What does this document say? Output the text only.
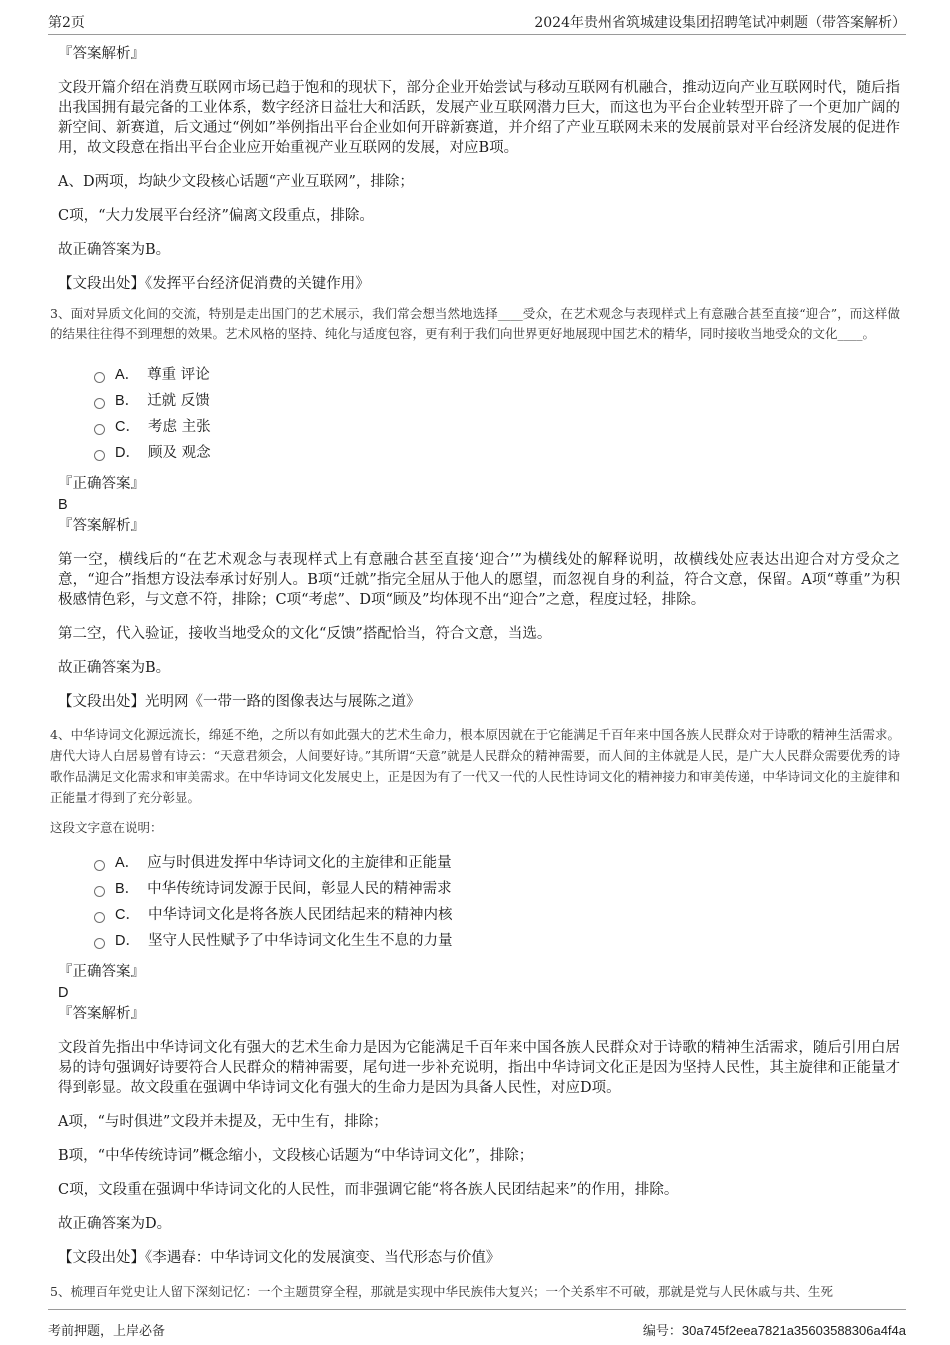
第2页	2024年贵州省筑城建设集团招聘笔试冲刺题（带答案解析）
『答案解析』

文段开篇介绍在消费互联网市场已趋于饱和的现状下，部分企业开始尝试与移动互联网有机融合，推动迈向产业互联网时代，随后指出我国拥有最完备的工业体系，数字经济日益壮大和活跃，发展产业互联网潜力巨大，而这也为平台企业转型开辟了一个更加广阔的新空间、新赛道，后文通过“例如”举例指出平台企业如何开辟新赛道，并介绍了产业互联网未来的发展前景对平台经济发展的促进作用，故文段意在指出平台企业应开始重视产业互联网的发展，对应B项。

A、D两项，均缺少文段核心话题“产业互联网”，排除；

C项，“大力发展平台经济”偏离文段重点，排除。

故正确答案为B。

【文段出处】《发挥平台经济促消费的关键作用》
3、面对异质文化间的交流，特别是走出国门的艺术展示，我们常会想当然地选择____受众，在艺术观念与表现样式上有意融合甚至直接“迎合”，而这样做的结果往往得不到理想的效果。艺术风格的坚持、纯化与适度包容，更有利于我们向世界更好地展现中国艺术的精华，同时接收当地受众的文化____。
A． 尊重 评论
B． 迁就 反馈
C． 考虑 主张
D． 顾及 观念
『正确答案』
B
『答案解析』

第一空，横线后的“在艺术观念与表现样式上有意融合甚至直接‘迎合’”为横线处的解释说明，故横线处应表达出迎合对方受众之意，“迎合”指想方设法奉承讨好别人。B项“迁就”指完全屈从于他人的愿望，而忽视自身的利益，符合文意，保留。A项“尊重”为积极感情色彩，与文意不符，排除；C项“考虑”、D项“顾及”均体现不出“迎合”之意，程度过轻，排除。

第二空，代入验证，接收当地受众的文化“反馈”搭配恰当，符合文意，当选。

故正确答案为B。

【文段出处】光明网《一带一路的图像表达与展陈之道》
4、中华诗词文化源远流长，绵延不绝，之所以有如此强大的艺术生命力，根本原因就在于它能满足千百年来中国各族人民群众对于诗歌的精神生活需求。唐代大诗人白居易曾有诗云：“天意君须会，人间要好诗。”其所谓“天意”就是人民群众的精神需要，而人间的主体就是人民，是广大人民群众需要优秀的诗歌作品满足文化需求和审美需求。在中华诗词文化发展史上，正是因为有了一代又一代的人民性诗词文化的精神接力和审美传递，中华诗词文化的主旋律和正能量才得到了充分彰显。
这段文字意在说明：
A． 应与时俱进发挥中华诗词文化的主旋律和正能量
B． 中华传统诗词发源于民间，彰显人民的精神需求
C． 中华诗词文化是将各族人民团结起来的精神内核
D． 坚守人民性赋予了中华诗词文化生生不息的力量
『正确答案』
D
『答案解析』

文段首先指出中华诗词文化有强大的艺术生命力是因为它能满足千百年来中国各族人民群众对于诗歌的精神生活需求，随后引用白居易的诗句强调好诗要符合人民群众的精神需要，尾句进一步补充说明，指出中华诗词文化正是因为坚持人民性，其主旋律和正能量才得到彰显。故文段重在强调中华诗词文化有强大的生命力是因为具备人民性，对应D项。

A项，“与时俱进”文段并未提及，无中生有，排除；

B项，“中华传统诗词”概念缩小，文段核心话题为“中华诗词文化”，排除；

C项，文段重在强调中华诗词文化的人民性，而非强调它能“将各族人民团结起来”的作用，排除。

故正确答案为D。

【文段出处】《李遇春：中华诗词文化的发展演变、当代形态与价值》
5、梳理百年党史让人留下深刻记忆：一个主题贯穿全程，那就是实现中华民族伟大复兴；一个关系牢不可破，那就是党与人民休戚与共、生死
考前押题，上岸必备	编号：30a745f2eea7821a35603588306a4f4a
